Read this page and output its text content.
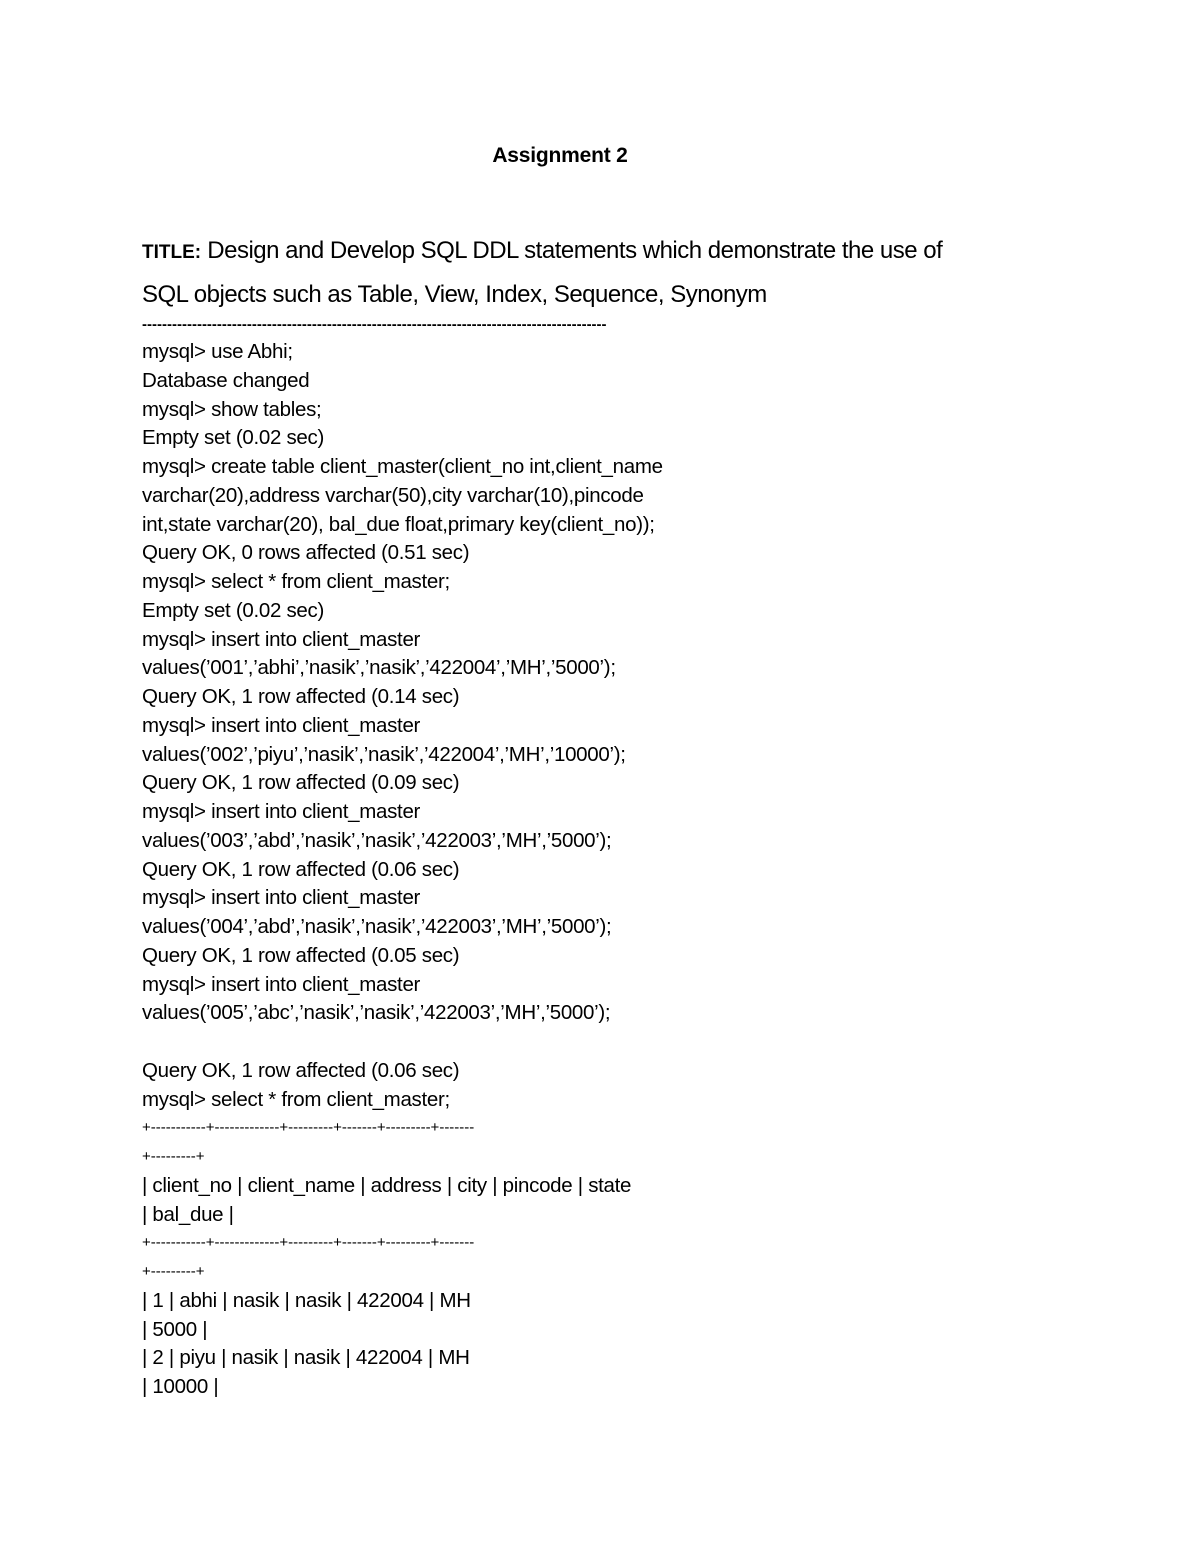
Assignment 2
TITLE: Design and Develop SQL DDL statements which demonstrate the use of SQL objects such as Table, View, Index, Sequence, Synonym
---------------------------------------------------------------------------------------------
mysql> use Abhi;
Database changed
mysql> show tables;
Empty set (0.02 sec)
mysql> create table client_master(client_no int,client_name
varchar(20),address varchar(50),city varchar(10),pincode
int,state varchar(20), bal_due float,primary key(client_no));
Query OK, 0 rows affected (0.51 sec)
mysql> select * from client_master;
Empty set (0.02 sec)
mysql> insert into client_master
values(’001’,’abhi’,’nasik’,’nasik’,’422004’,’MH’,’5000’);
Query OK, 1 row affected (0.14 sec)
mysql> insert into client_master
values(’002’,’piyu’,’nasik’,’nasik’,’422004’,’MH’,’10000’);
Query OK, 1 row affected (0.09 sec)
mysql> insert into client_master
values(’003’,’abd’,’nasik’,’nasik’,’422003’,’MH’,’5000’);
Query OK, 1 row affected (0.06 sec)
mysql> insert into client_master
values(’004’,’abd’,’nasik’,’nasik’,’422003’,’MH’,’5000’);
Query OK, 1 row affected (0.05 sec)
mysql> insert into client_master
values(’005’,’abc’,’nasik’,’nasik’,’422003’,’MH’,’5000’);
Query OK, 1 row affected (0.06 sec)
mysql> select * from client_master;
+-----------+-------------+---------+-------+---------+-------
+---------+
| client_no | client_name | address | city | pincode | state
| bal_due |
+-----------+-------------+---------+-------+---------+-------
+---------+
| 1 | abhi | nasik | nasik | 422004 | MH
| 5000 |
| 2 | piyu | nasik | nasik | 422004 | MH
| 10000 |
